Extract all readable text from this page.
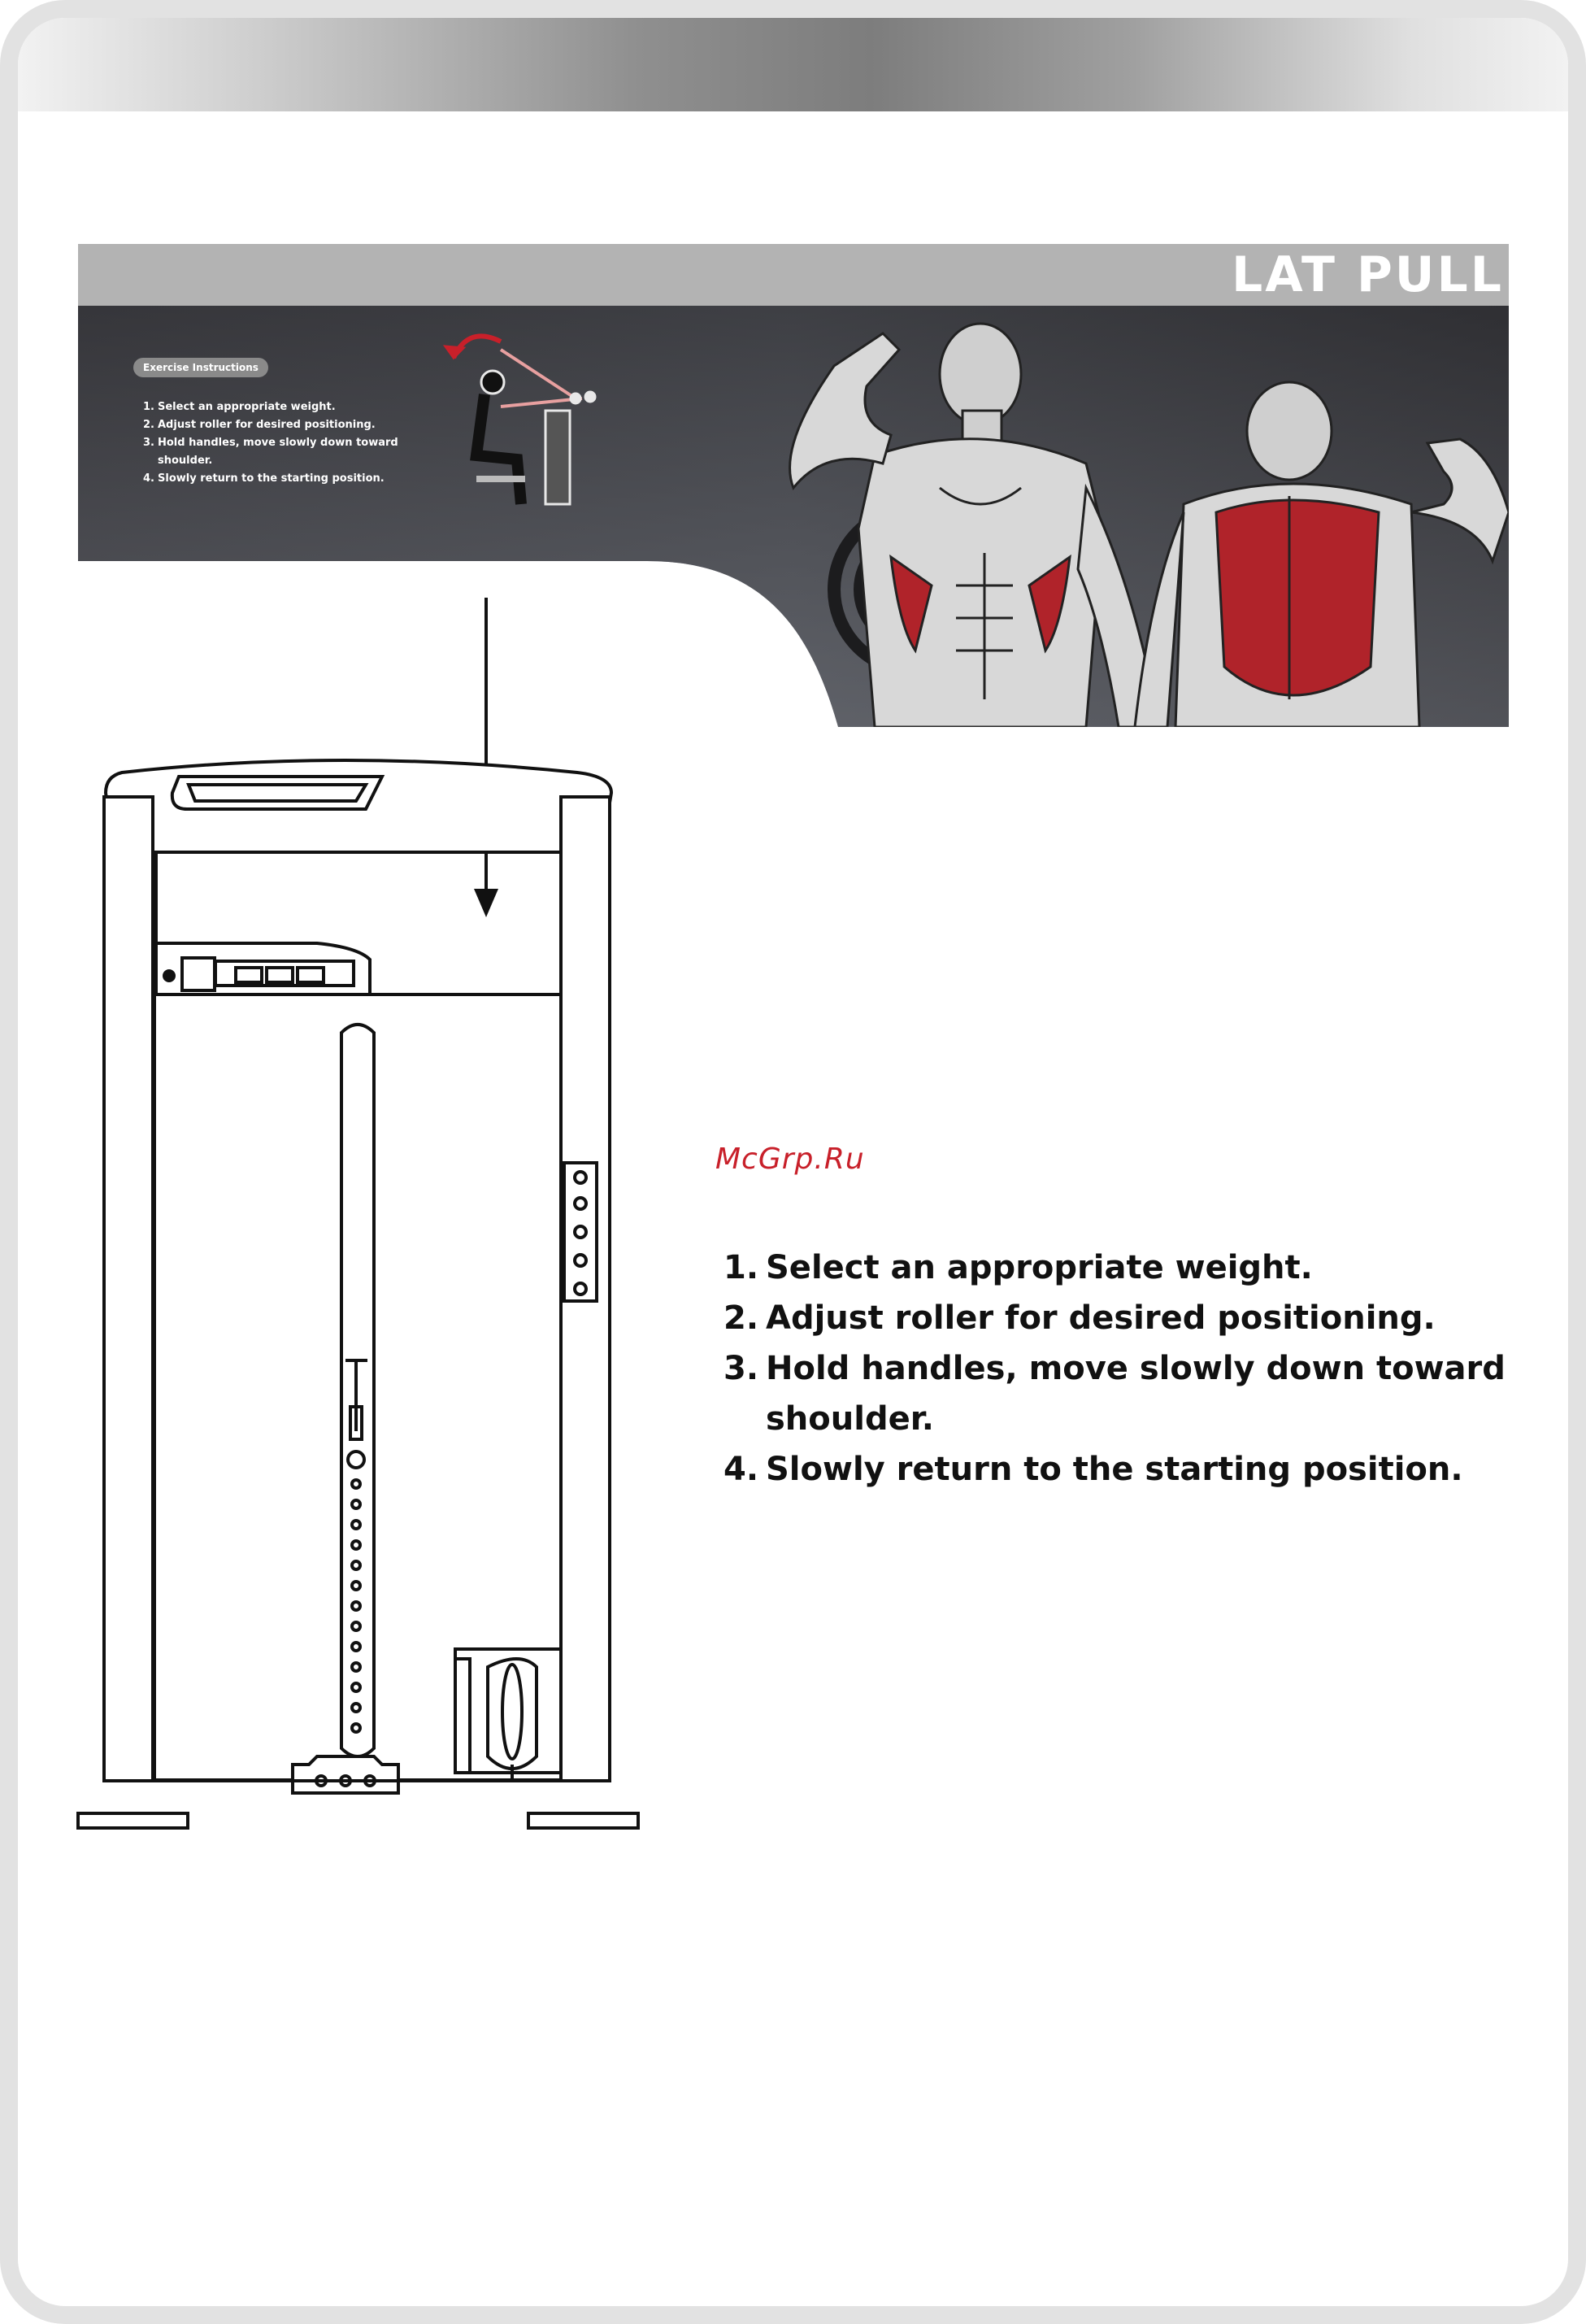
LAT PULL
Exercise Instructions
1. Select an appropriate weight.
2. Adjust roller for desired positioning.
3. Hold handles, move slowly down toward shoulder.
4. Slowly return to the starting position.

McGrp.Ru

1. Select an appropriate weight.
2. Adjust roller for desired positioning.
3. Hold handles, move slowly down toward shoulder.
4. Slowly return to the starting position.
